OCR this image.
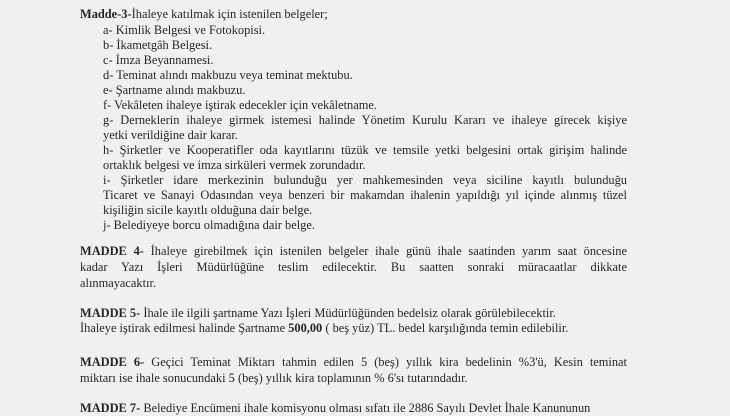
Madde-3-İhaleye katılmak için istenilen belgeler;
a- Kimlik Belgesi ve Fotokopisi.
b- İkametgâh Belgesi.
c- İmza Beyannamesi.
d- Teminat alındı makbuzu veya teminat mektubu.
e- Şartname alındı makbuzu.
f- Vekâleten ihaleye iştirak edecekler için vekâletname.
g- Derneklerin ihaleye girmek istemesi halinde Yönetim Kurulu Kararı ve ihaleye girecek kişiye
yetki verildiğine dair karar.
h- Şirketler ve Kooperatifler oda kayıtlarını tüzük ve temsile yetki belgesini ortak girişim halinde
ortaklık belgesi ve imza sirküleri vermek zorundadır.
i- Şirketler idare merkezinin bulunduğu yer mahkemesinden veya siciline kayıtlı bulunduğu
Ticaret ve Sanayi Odasından veya benzeri bir makamdan ihalenin yapıldığı yıl içinde alınmış tüzel
kişiliğin sicile kayıtlı olduğuna dair belge.
j- Belediyeye borcu olmadığına dair belge.
MADDE 4- İhaleye girebilmek için istenilen belgeler ihale günü ihale saatinden yarım saat öncesine
kadar Yazı İşleri Müdürlüğüne teslim edilecektir. Bu saatten sonraki müracaatlar dikkate
alınmayacaktır.
MADDE 5- İhale ile ilgili şartname Yazı İşleri Müdürlüğünden bedelsiz olarak görülebilecektir.
İhaleye iştirak edilmesi halinde Şartname 500,00 ( beş yüz) TL. bedel karşılığında temin edilebilir.
MADDE 6- Geçici Teminat Miktarı tahmin edilen 5 (beş) yıllık kira bedelinin %3'ü, Kesin teminat
miktarı ise ihale sonucundaki 5 (beş) yıllık kira toplamının % 6'sı tutarındadır.
MADDE 7- Belediye Encümeni ihale komisyonu olması sıfatı ile 2886 Sayılı Devlet İhale Kanununun
